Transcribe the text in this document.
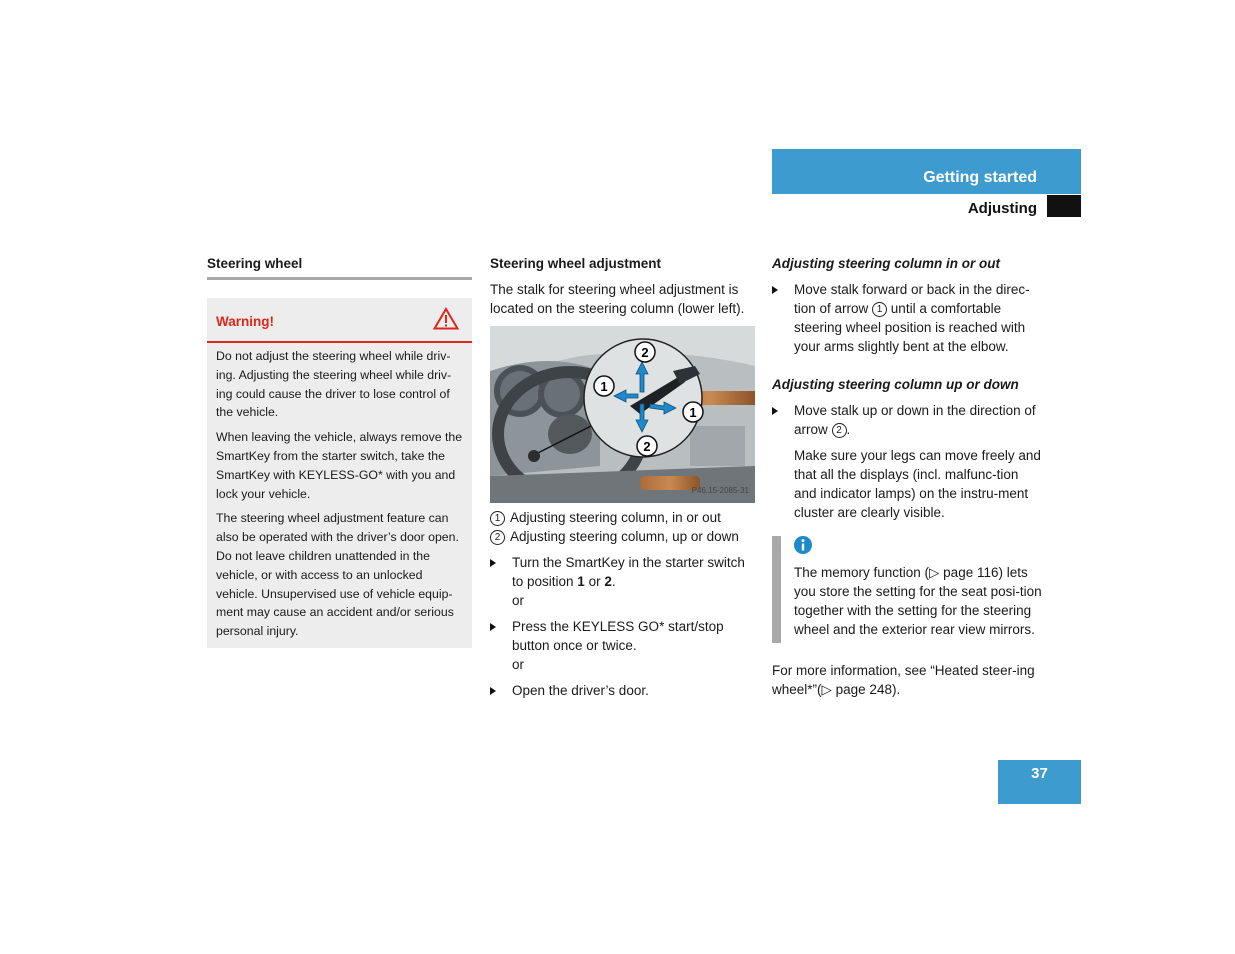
Getting started
Adjusting
Steering wheel
Warning!

Do not adjust the steering wheel while driv-ing. Adjusting the steering wheel while driv-ing could cause the driver to lose control of the vehicle.

When leaving the vehicle, always remove the SmartKey from the starter switch, take the SmartKey with KEYLESS-GO* with you and lock your vehicle.

The steering wheel adjustment feature can also be operated with the driver’s door open. Do not leave children unattended in the vehicle, or with access to an unlocked vehicle. Unsupervised use of vehicle equip-ment may cause an accident and/or serious personal injury.

Steering wheel adjustment

The stalk for steering wheel adjustment is located on the steering column (lower left).

2
1
1
2
P46.15-2085-31
1 Adjusting steering column, in or out
2 Adjusting steering column, up or down
Turn the SmartKey in the starter switch to position 1 or 2.
or
Press the KEYLESS GO* start/stop button once or twice.
or
Open the driver’s door.

Adjusting steering column in or out

Move stalk forward or back in the direc-tion of arrow 1 until a comfortable steering wheel position is reached with your arms slightly bent at the elbow.

Adjusting steering column up or down

Move stalk up or down in the direction of arrow 2 .

Make sure your legs can move freely and that all the displays (incl. malfunc-tion and indicator lamps) on the instru-ment cluster are clearly visible.

The memory function (▷ page 116) lets you store the setting for the seat posi-tion together with the setting for the steering wheel and the exterior rear view mirrors.

For more information, see “Heated steer-ing wheel*”(▷ page 248).

37
